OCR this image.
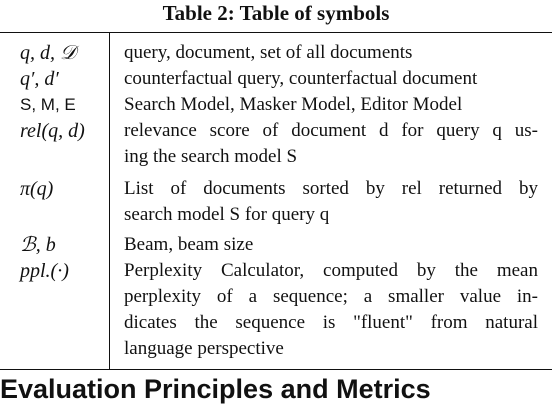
Table 2: Table of symbols
q, d, 𝒟	query, document, set of all documents
q′, d′	counterfactual query, counterfactual document
S, M, E	Search Model, Masker Model, Editor Model
rel(q, d)	relevance score of document d for query q us-
ing the search model S
π(q)	List of documents sorted by rel returned by
search model S for query q
ℬ, b	Beam, beam size
ppl.(·)	Perplexity Calculator, computed by the mean
perplexity of a sequence; a smaller value in-
dicates the sequence is "fluent" from natural
language perspective
Evaluation Principles and Metrics
